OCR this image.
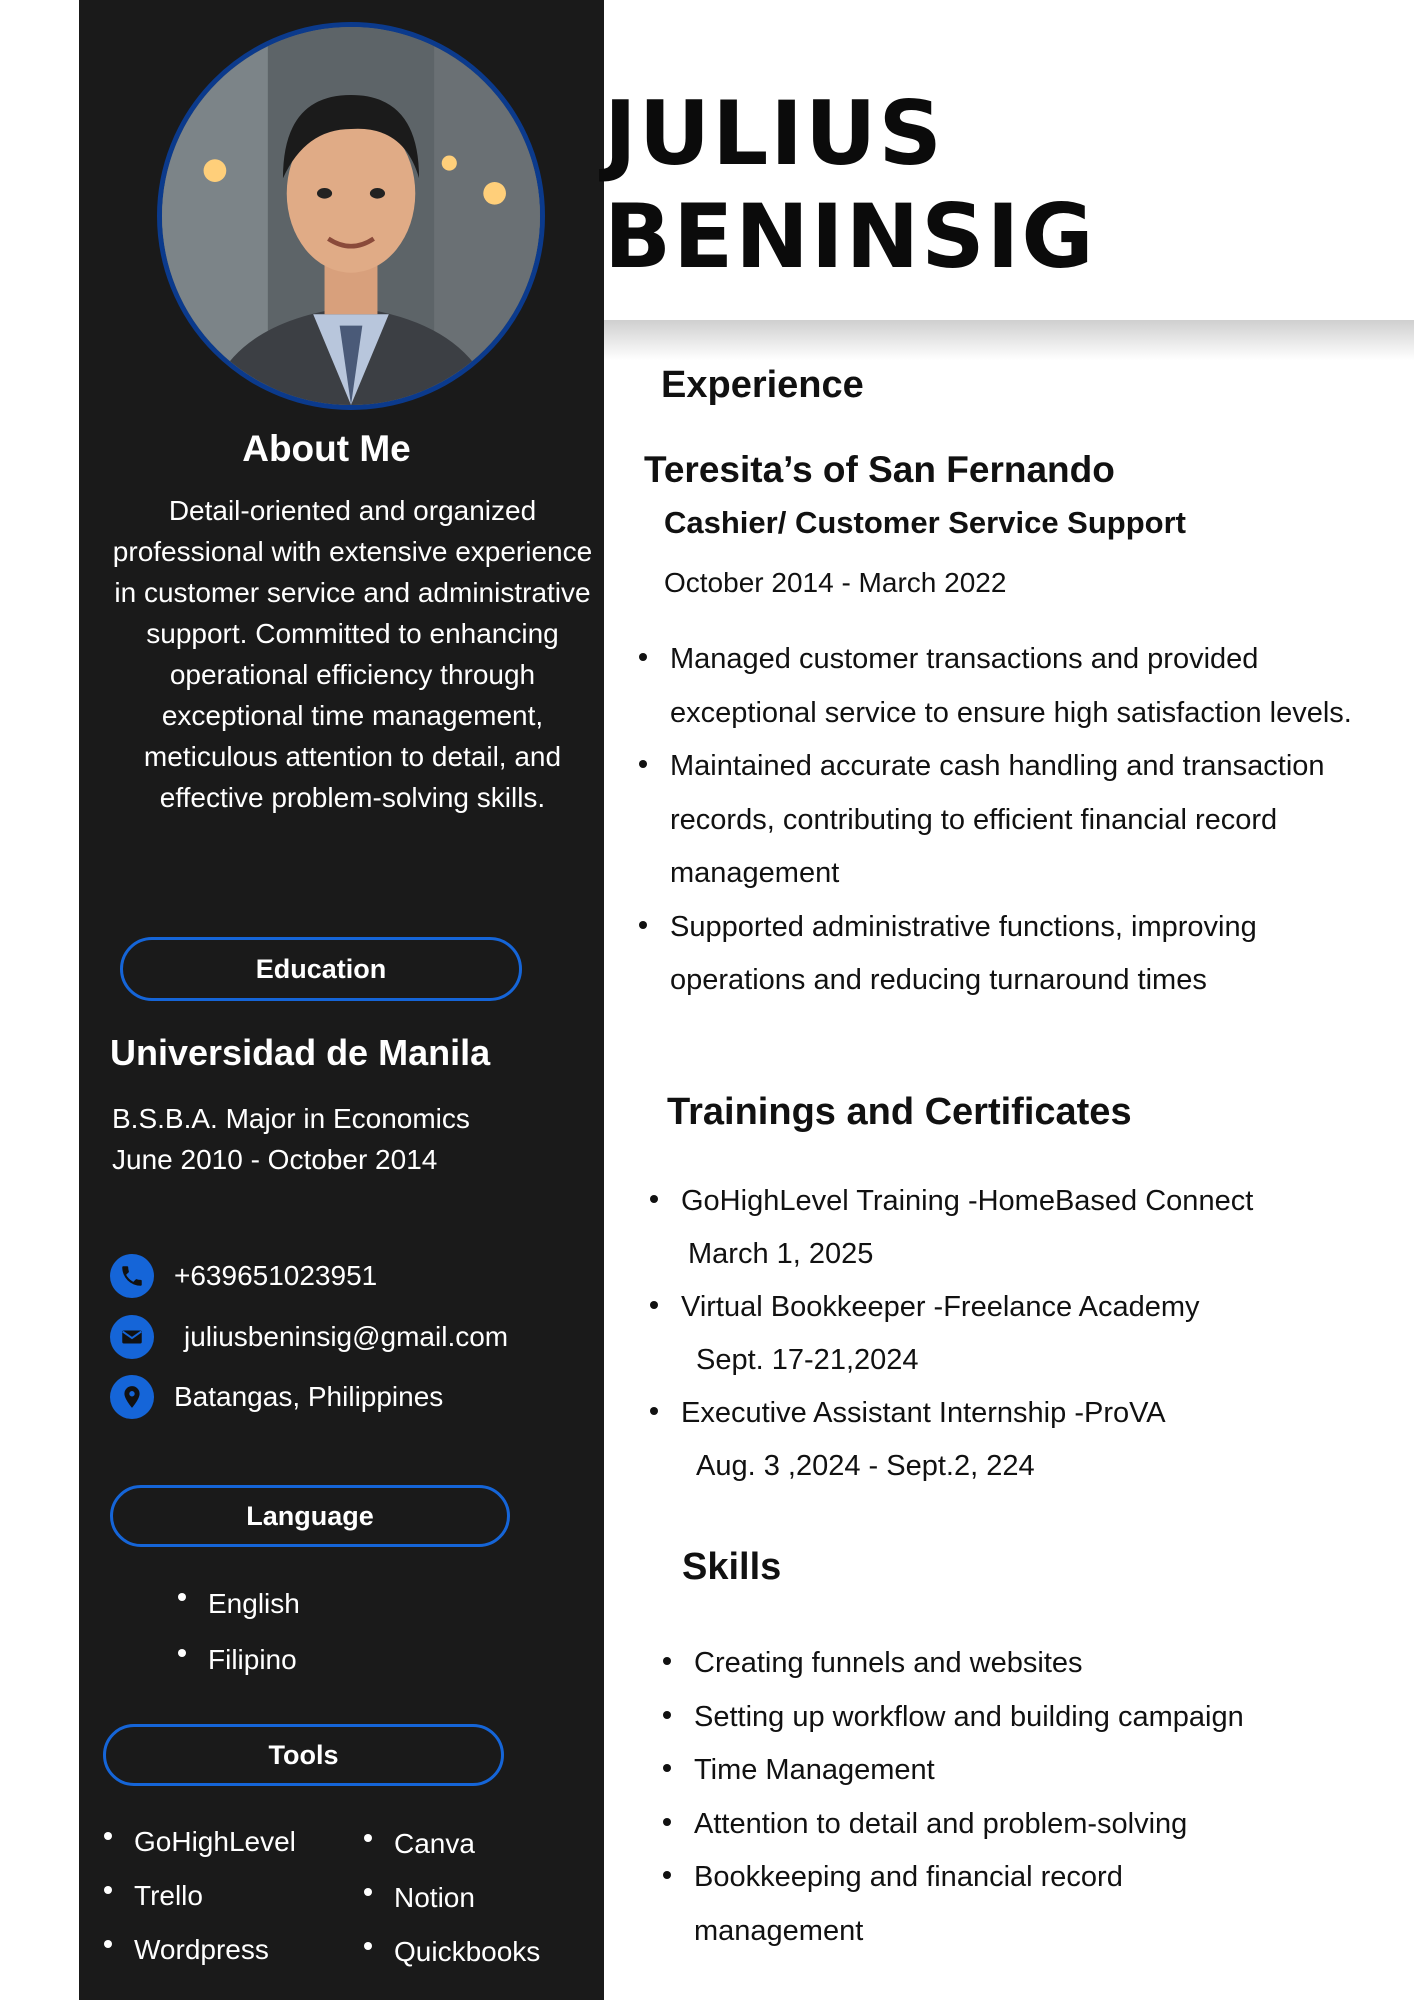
JULIUS BENINSIG
About Me
Detail-oriented and organized professional with extensive experience in customer service and administrative support. Committed to enhancing operational efficiency through exceptional time management, meticulous attention to detail, and effective problem-solving skills.
Education
Universidad de Manila
B.S.B.A. Major in Economics
June 2010 - October 2014
+639651023951
juliusbeninsig@gmail.com
Batangas, Philippines
Language
English
Filipino
Tools
GoHighLevel
Trello
Wordpress
Canva
Notion
Quickbooks
Experience
Teresita’s of San Fernando
Cashier/ Customer Service Support
October 2014 - March 2022
Managed customer transactions and provided exceptional service to ensure high satisfaction levels.
Maintained accurate cash handling and transaction records, contributing to efficient financial record management
Supported administrative functions, improving operations and reducing turnaround times
Trainings and Certificates
GoHighLevel Training -HomeBased Connect
March 1, 2025
Virtual Bookkeeper -Freelance Academy
Sept. 17-21,2024
Executive Assistant Internship -ProVA
Aug. 3 ,2024 - Sept.2, 224
Skills
Creating funnels and websites
Setting up workflow and building campaign
Time Management
Attention to detail and problem-solving
Bookkeeping and financial record management
